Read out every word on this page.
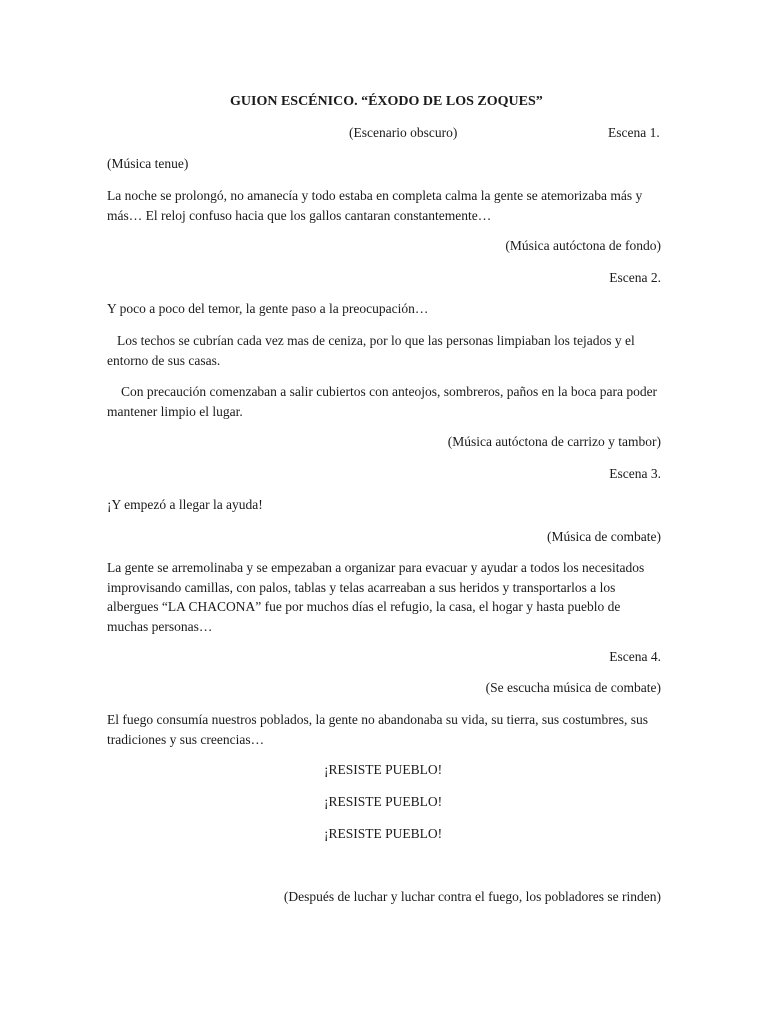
GUION ESCÉNICO. “ÉXODO DE LOS ZOQUES”
(Escenario obscuro)	Escena 1.
(Música tenue)
La noche se prolongó, no amanecía y todo estaba en completa calma la gente se atemorizaba más y más… El reloj confuso hacia que los gallos cantaran constantemente…
(Música autóctona de fondo)
Escena 2.
Y poco a poco del temor, la gente paso a la preocupación…
Los techos se cubrían cada vez mas de ceniza, por lo que las personas limpiaban los tejados y el entorno de sus casas.
Con precaución comenzaban a salir cubiertos con anteojos, sombreros, paños en la boca para poder mantener limpio el lugar.
(Música autóctona de carrizo y tambor)
Escena 3.
¡Y empezó a llegar la ayuda!
(Música de combate)
La gente se arremolinaba y se empezaban a organizar para evacuar y ayudar a todos los necesitados improvisando camillas, con palos, tablas y telas acarreaban a sus heridos y transportarlos a los albergues “LA CHACONA” fue por muchos días el refugio, la casa, el hogar y hasta pueblo de muchas personas…
Escena 4.
(Se escucha música de combate)
El fuego consumía nuestros poblados, la gente no abandonaba su vida, su tierra, sus costumbres, sus tradiciones y sus creencias…
¡RESISTE PUEBLO!
¡RESISTE PUEBLO!
¡RESISTE PUEBLO!
(Después de luchar y luchar contra el fuego, los pobladores se rinden)
